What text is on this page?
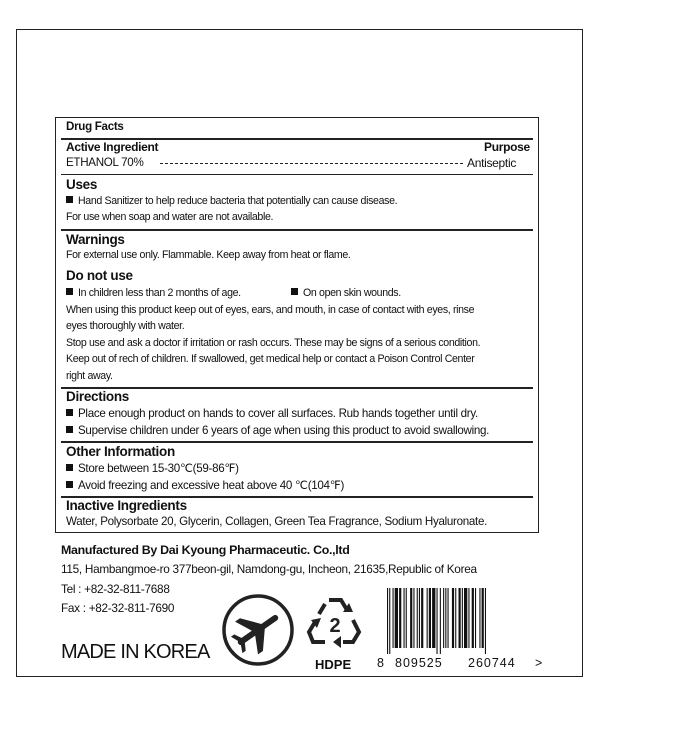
Drug Facts
Active Ingredient	Purpose
ETHANOL 70%	Antiseptic
Uses
Hand Sanitizer to help reduce bacteria that potentially can cause disease.
For use when soap and water are not available.
Warnings
For external use only. Flammable. Keep away from heat or flame.
Do not use
In children less than 2 months of age.	On open skin wounds.
When using this product keep out of eyes, ears, and mouth, in case of contact with eyes, rinse
eyes thoroughly with water.
Stop use and ask a doctor if irritation or rash occurs. These may be signs of a serious condition.
Keep out of rech of children. If swallowed, get medical help or contact a Poison Control Center
right away.
Directions
Place enough product on hands to cover all surfaces. Rub hands together until dry.
Supervise children under 6 years of age when using this product to avoid swallowing.
Other Information
Store between 15-30℃(59-86℉)
Avoid freezing and excessive heat above 40 ℃(104℉)
Inactive Ingredients
Water, Polysorbate 20, Glycerin, Collagen, Green Tea Fragrance, Sodium Hyaluronate.
Manufactured By Dai Kyoung Pharmaceutic. Co.,ltd
115, Hambangmoe-ro 377beon-gil, Namdong-gu, Incheon, 21635,Republic of Korea
Tel : +82-32-811-7688
Fax : +82-32-811-7690
MADE IN KOREA
2
HDPE 8 809525 260744 >
